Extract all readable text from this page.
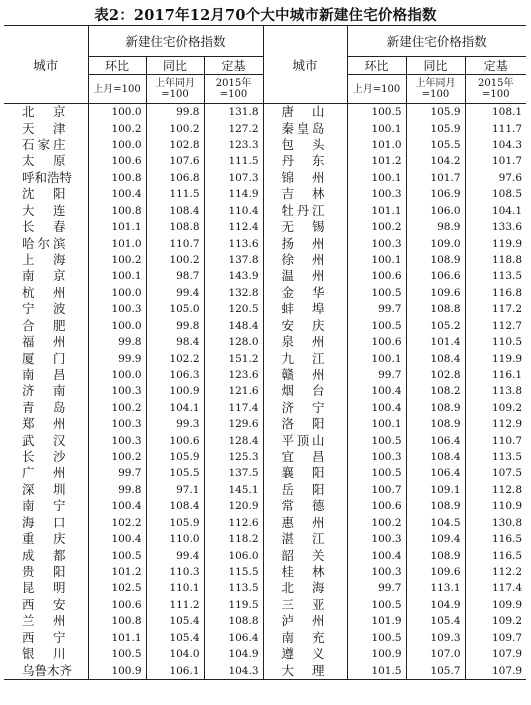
表2：2017年12月70个大中城市新建住宅价格指数
城市	新建住宅价格指数			城市	新建住宅价格指数		
	环比	同比	定基		环比	同比	定基
	上月=100	上年同月=100	2015年=100		上月=100	上年同月=100	2015年=100
北京	100.0	99.8	131.8	唐山	100.5	105.9	108.1
天津	100.2	100.2	127.2	秦皇岛	100.1	105.9	111.7
石家庄	100.0	102.8	123.3	包头	101.0	105.5	104.3
太原	100.6	107.6	111.5	丹东	101.2	104.2	101.7
呼和浩特	100.8	106.8	107.3	锦州	100.1	101.7	97.6
沈阳	100.4	111.5	114.9	吉林	100.3	106.9	108.5
大连	100.8	108.4	110.4	牡丹江	101.1	106.0	104.1
长春	101.1	108.8	112.4	无锡	100.2	98.9	133.6
哈尔滨	101.0	110.7	113.6	扬州	100.3	109.0	119.9
上海	100.2	100.2	137.8	徐州	100.1	108.9	118.8
南京	100.1	98.7	143.9	温州	100.6	106.6	113.5
杭州	100.0	99.4	132.8	金华	100.5	109.6	116.8
宁波	100.3	105.0	120.5	蚌埠	99.7	108.8	117.2
合肥	100.0	99.8	148.4	安庆	100.5	105.2	112.7
福州	99.8	98.4	128.0	泉州	100.6	101.4	110.5
厦门	99.9	102.2	151.2	九江	100.1	108.4	119.9
南昌	100.0	106.3	123.6	赣州	99.7	102.8	116.1
济南	100.3	100.9	121.6	烟台	100.4	108.2	113.8
青岛	100.2	104.1	117.4	济宁	100.4	108.9	109.2
郑州	100.3	99.3	129.6	洛阳	100.1	108.9	112.9
武汉	100.3	100.6	128.4	平顶山	100.5	106.4	110.7
长沙	100.2	105.9	125.3	宜昌	100.3	108.4	113.5
广州	99.7	105.5	137.5	襄阳	100.5	106.4	107.5
深圳	99.8	97.1	145.1	岳阳	100.7	109.1	112.8
南宁	100.4	108.4	120.9	常德	100.6	108.9	110.9
海口	102.2	105.9	112.6	惠州	100.2	104.5	130.8
重庆	100.4	110.0	118.2	湛江	100.3	109.4	116.5
成都	100.5	99.4	106.0	韶关	100.4	108.9	116.5
贵阳	101.2	110.3	115.5	桂林	100.3	109.6	112.2
昆明	102.5	110.1	113.5	北海	99.7	113.1	117.4
西安	100.6	111.2	119.5	三亚	100.5	104.9	109.9
兰州	100.8	105.4	108.8	泸州	101.9	105.4	109.2
西宁	101.1	105.4	106.4	南充	100.5	109.3	109.7
银川	100.5	104.0	104.9	遵义	100.9	107.0	107.9
乌鲁木齐	100.9	106.1	104.3	大理	101.5	105.7	107.9
